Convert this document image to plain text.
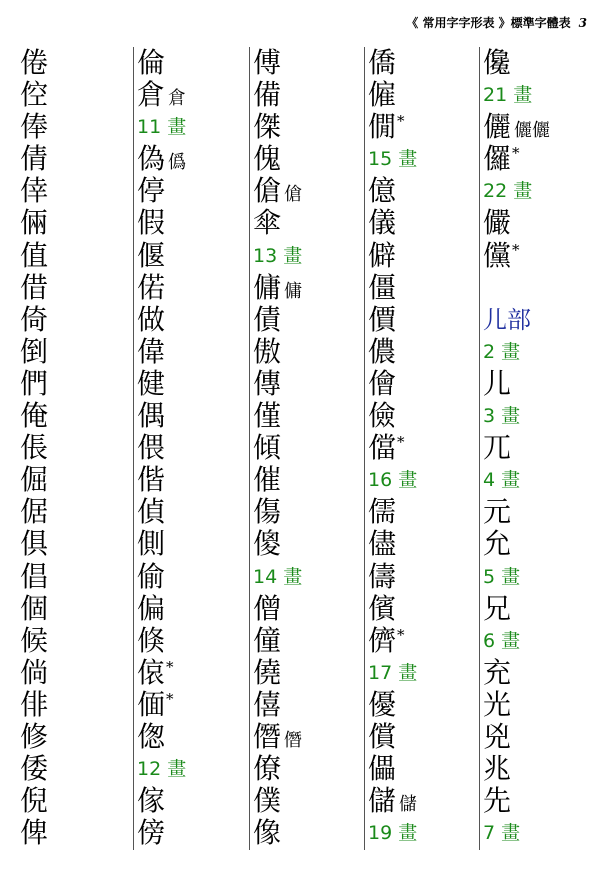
《 常用字字形表 》標準字體表 3
倦
倥
俸
倩
倖
倆
值
借
倚
倒
們
俺
倀
倔
倨
俱
倡
個
候
倘
俳
修
倭
倪
俾
倫
倉倉
11 畫
偽僞
停
假
偃
偌
做
偉
健
偶
偎
偕
偵
側
偷
偏
倏
偯*
偭*
偬
12 畫
傢
傍
傅
備
傑
傀
傖傖
傘
13 畫
傭傭
債
傲
傳
僅
傾
催
傷
傻
14 畫
僧
僮
僥
僖
僭僭
僚
僕
像
僑
僱
僩*
15 畫
億
儀
僻
僵
價
儂
儈
儉
儅*
16 畫
儒
儘
儔
儐
儕*
17 畫
優
償
儡
儲儲
19 畫
儳
21 畫
儷儷儷
儸*
22 畫
儼
儻*
儿部
2 畫
儿
3 畫
兀
4 畫
元
允
5 畫
兄
6 畫
充
光
兇
兆
先
7 畫
